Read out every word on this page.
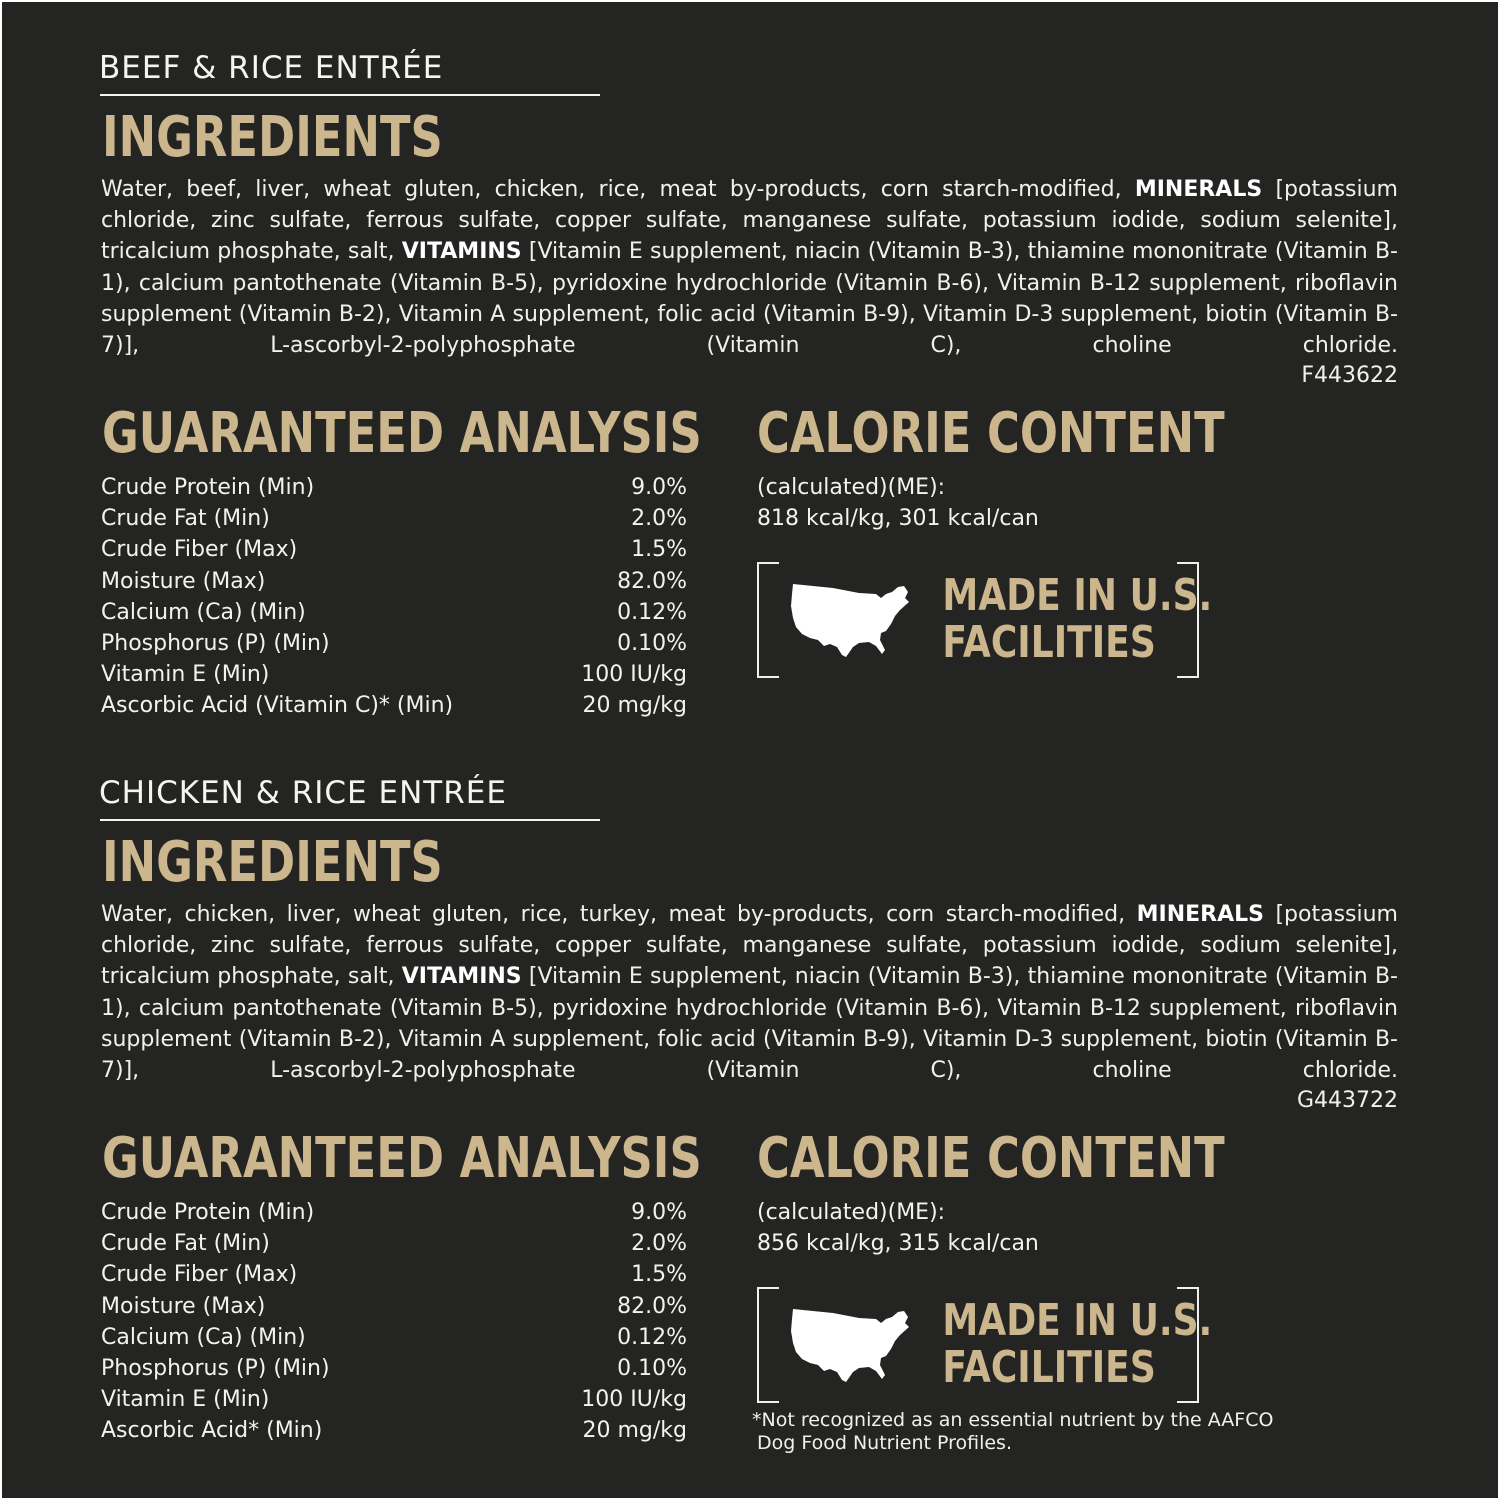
BEEF & RICE ENTRÉE
INGREDIENTS

Water, beef, liver, wheat gluten, chicken, rice, meat by-products, corn starch-modified, MINERALS [potassium chloride, zinc sulfate, ferrous sulfate, copper sulfate, manganese sulfate, potassium iodide, sodium selenite], tricalcium phosphate, salt, VITAMINS [Vitamin E supplement, niacin (Vitamin B-3), thiamine mononitrate (Vitamin B-1), calcium pantothenate (Vitamin B-5), pyridoxine hydrochloride (Vitamin B-6), Vitamin B-12 supplement, riboflavin supplement (Vitamin B-2), Vitamin A supplement, folic acid (Vitamin B-9), Vitamin D-3 supplement, biotin (Vitamin B-7)], L-ascorbyl-2-polyphosphate (Vitamin C), choline chloride.

F443622
GUARANTEED ANALYSIS
Crude Protein (Min)	9.0%
Crude Fat (Min)	2.0%
Crude Fiber (Max)	1.5%
Moisture (Max)	82.0%
Calcium (Ca) (Min)	0.12%
Phosphorus (P) (Min)	0.10%
Vitamin E (Min)	100 IU/kg
Ascorbic Acid (Vitamin C)* (Min)	20 mg/kg
CALORIE CONTENT
(calculated)(ME):
818 kcal/kg, 301 kcal/can
MADE IN U.S.
FACILITIES
CHICKEN & RICE ENTRÉE
INGREDIENTS

Water, chicken, liver, wheat gluten, rice, turkey, meat by-products, corn starch-modified, MINERALS [potassium chloride, zinc sulfate, ferrous sulfate, copper sulfate, manganese sulfate, potassium iodide, sodium selenite], tricalcium phosphate, salt, VITAMINS [Vitamin E supplement, niacin (Vitamin B-3), thiamine mononitrate (Vitamin B-1), calcium pantothenate (Vitamin B-5), pyridoxine hydrochloride (Vitamin B-6), Vitamin B-12 supplement, riboflavin supplement (Vitamin B-2), Vitamin A supplement, folic acid (Vitamin B-9), Vitamin D-3 supplement, biotin (Vitamin B-7)], L-ascorbyl-2-polyphosphate (Vitamin C), choline chloride.

G443722
GUARANTEED ANALYSIS
Crude Protein (Min)	9.0%
Crude Fat (Min)	2.0%
Crude Fiber (Max)	1.5%
Moisture (Max)	82.0%
Calcium (Ca) (Min)	0.12%
Phosphorus (P) (Min)	0.10%
Vitamin E (Min)	100 IU/kg
Ascorbic Acid* (Min)	20 mg/kg
CALORIE CONTENT
(calculated)(ME):
856 kcal/kg, 315 kcal/can
MADE IN U.S.
FACILITIES
*Not recognized as an essential nutrient by the AAFCO
Dog Food Nutrient Profiles.
